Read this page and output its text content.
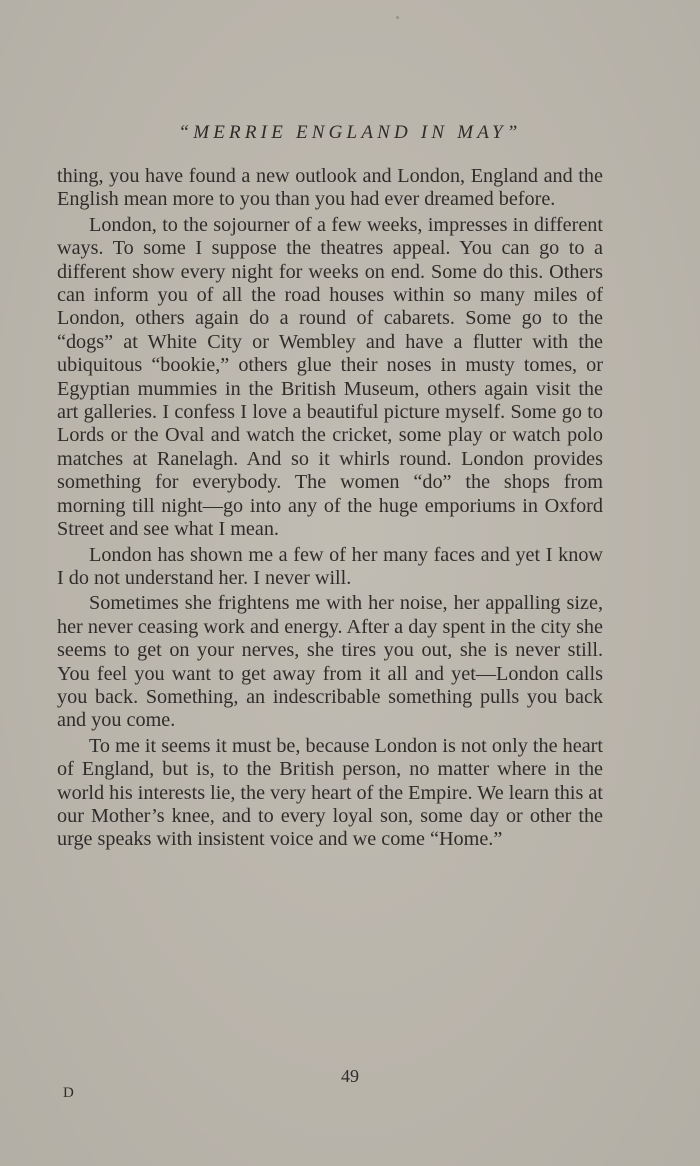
“MERRIE ENGLAND IN MAY”

thing, you have found a new outlook and London, England and the English mean more to you than you had ever dreamed before.

London, to the sojourner of a few weeks, impresses in different ways. To some I suppose the theatres appeal. You can go to a different show every night for weeks on end. Some do this. Others can inform you of all the road houses within so many miles of London, others again do a round of cabarets. Some go to the “dogs” at White City or Wembley and have a flutter with the ubiquitous “bookie,” others glue their noses in musty tomes, or Egyptian mummies in the British Museum, others again visit the art galleries. I confess I love a beautiful picture myself. Some go to Lords or the Oval and watch the cricket, some play or watch polo matches at Ranelagh. And so it whirls round. London provides something for everybody. The women “do” the shops from morning till night—go into any of the huge emporiums in Oxford Street and see what I mean.

London has shown me a few of her many faces and yet I know I do not understand her. I never will.

Sometimes she frightens me with her noise, her appalling size, her never ceasing work and energy. After a day spent in the city she seems to get on your nerves, she tires you out, she is never still. You feel you want to get away from it all and yet—London calls you back. Something, an indescribable something pulls you back and you come.

To me it seems it must be, because London is not only the heart of England, but is, to the British person, no matter where in the world his interests lie, the very heart of the Empire. We learn this at our Mother’s knee, and to every loyal son, some day or other the urge speaks with insistent voice and we come “Home.”

49
D
